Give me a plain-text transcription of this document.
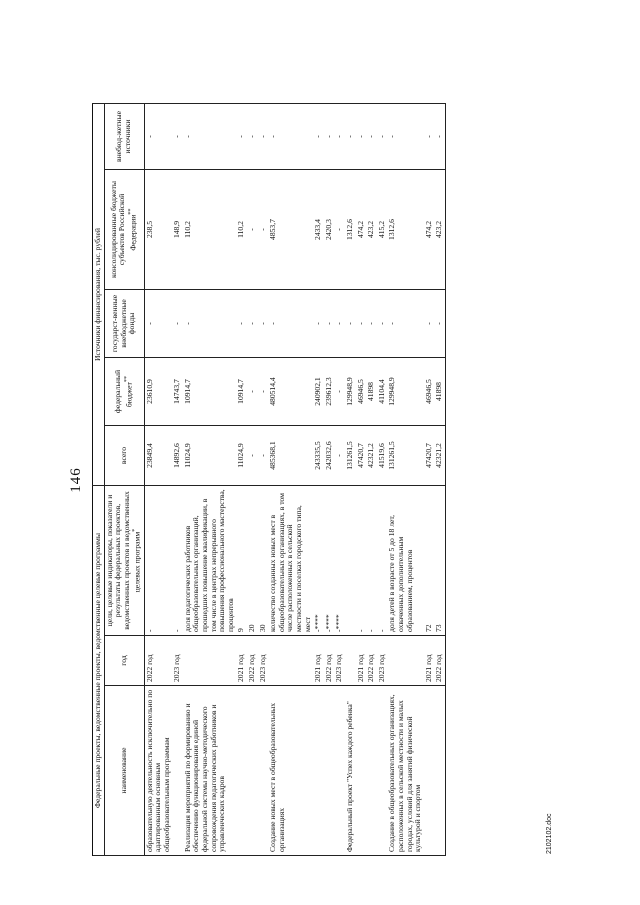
146
Федеральные проекты, ведомственные проекты, ведомственные целевые программы			Источники финансирования, тыс. рублей				
наименование	год	цели, целевые индикаторы, показатели и результаты федеральных проектов, ведомственных проектов и ведомственных целевых программ*	всего	федеральный бюджет**	государст-венные внебюджетные фонды	консолидированные бюджеты субъектов Российской Федерации**	внебюд-жетные источники
образовательную деятельность исключительно по адаптированным основным общеобразовательным программам	2022 год	-	23849,4	23610,9	-	238,5	-
	2023 год	-	14892,6	14743,7	-	148,9	-
Реализация мероприятий по формированию и обеспечению функционирования единой федеральной системы научно-методического сопровождения педагогических работников и управленческих кадров		доля педагогических работников общеобразовательных организаций, прошедших повышение квалификации, в том числе в центрах непрерывного повышения профессионального мастерства, процентов	11024,9	10914,7	-	110,2	-
	2021 год	9	11024,9	10914,7	-	110,2	-
	2022 год	20	-	-	-	-	-
	2023 год	30	-	-	-	-	-
Создание новых мест в общеобразовательных организациях		количество созданных новых мест в общеобразовательных организациях, в том числе расположенных в сельской местности и поселках городского типа, мест	485368,1	480514,4	-	4853,7	-
	2021 год	-****	243335,5	240902,1	-	2433,4	-
	2022 год	-****	242032,6	239612,3	-	2420,3	-
	2023 год	-****	-	-	-	-	-
Федеральный проект "Успех каждого ребенка"			131261,5	129948,9	-	1312,6	-
	2021 год	-	47420,7	46946,5	-	474,2	-
	2022 год	-	42321,2	41898	-	423,2	-
	2023 год	-	41519,6	41104,4	-	415,2	-
Создание в общеобразовательных организациях, расположенных в сельской местности и малых городах, условий для занятий физической культурой и спортом		доля детей в возрасте от 5 до 18 лет, охваченных дополнительным образованием, процентов	131261,5	129948,9	-	1312,6	-
	2021 год	72	47420,7	46946,5	-	474,2	-
	2022 год	73	42321,2	41898	-	423,2	-
2102102.doc
